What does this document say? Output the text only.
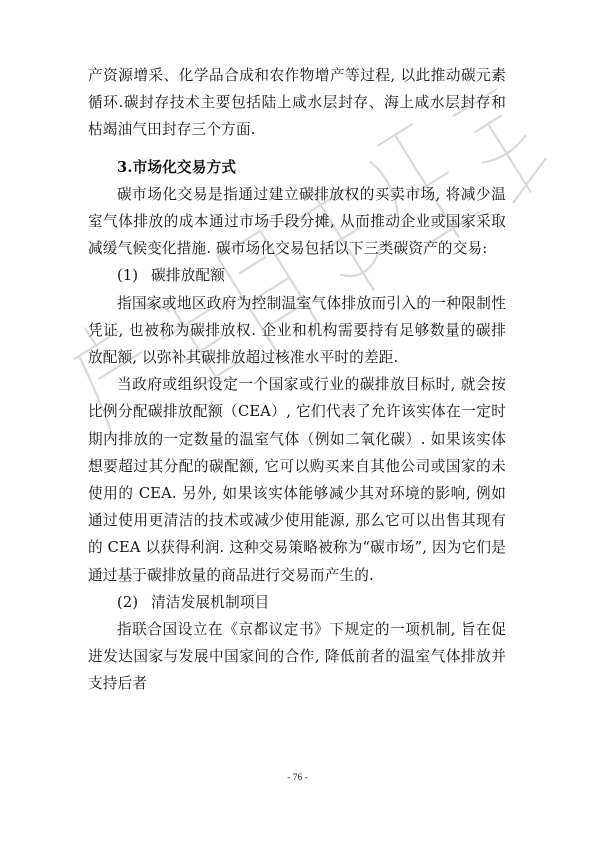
产资源增采、化学品合成和农作物增产等过程, 以此推动碳元素循环.碳封存技术主要包括陆上咸水层封存、海上咸水层封存和枯竭油气田封存三个方面.

3.市场化交易方式

碳市场化交易是指通过建立碳排放权的买卖市场, 将减少温室气体排放的成本通过市场手段分摊, 从而推动企业或国家采取减缓气候变化措施. 碳市场化交易包括以下三类碳资产的交易:

(1) 碳排放配额

指国家或地区政府为控制温室气体排放而引入的一种限制性凭证, 也被称为碳排放权. 企业和机构需要持有足够数量的碳排放配额, 以弥补其碳排放超过核准水平时的差距.

当政府或组织设定一个国家或行业的碳排放目标时, 就会按比例分配碳排放配额（CEA）, 它们代表了允许该实体在一定时期内排放的一定数量的温室气体（例如二氧化碳）. 如果该实体想要超过其分配的碳配额, 它可以购买来自其他公司或国家的未使用的 CEA. 另外, 如果该实体能够减少其对环境的影响, 例如通过使用更清洁的技术或减少使用能源, 那么它可以出售其现有的 CEA 以获得利润. 这种交易策略被称为“碳市场”, 因为它们是通过基于碳排放量的商品进行交易而产生的.

(2) 清洁发展机制项目

指联合国设立在《京都议定书》下规定的一项机制, 旨在促进发达国家与发展中国家间的合作, 降低前者的温室气体排放并支持后者

- 76 -
